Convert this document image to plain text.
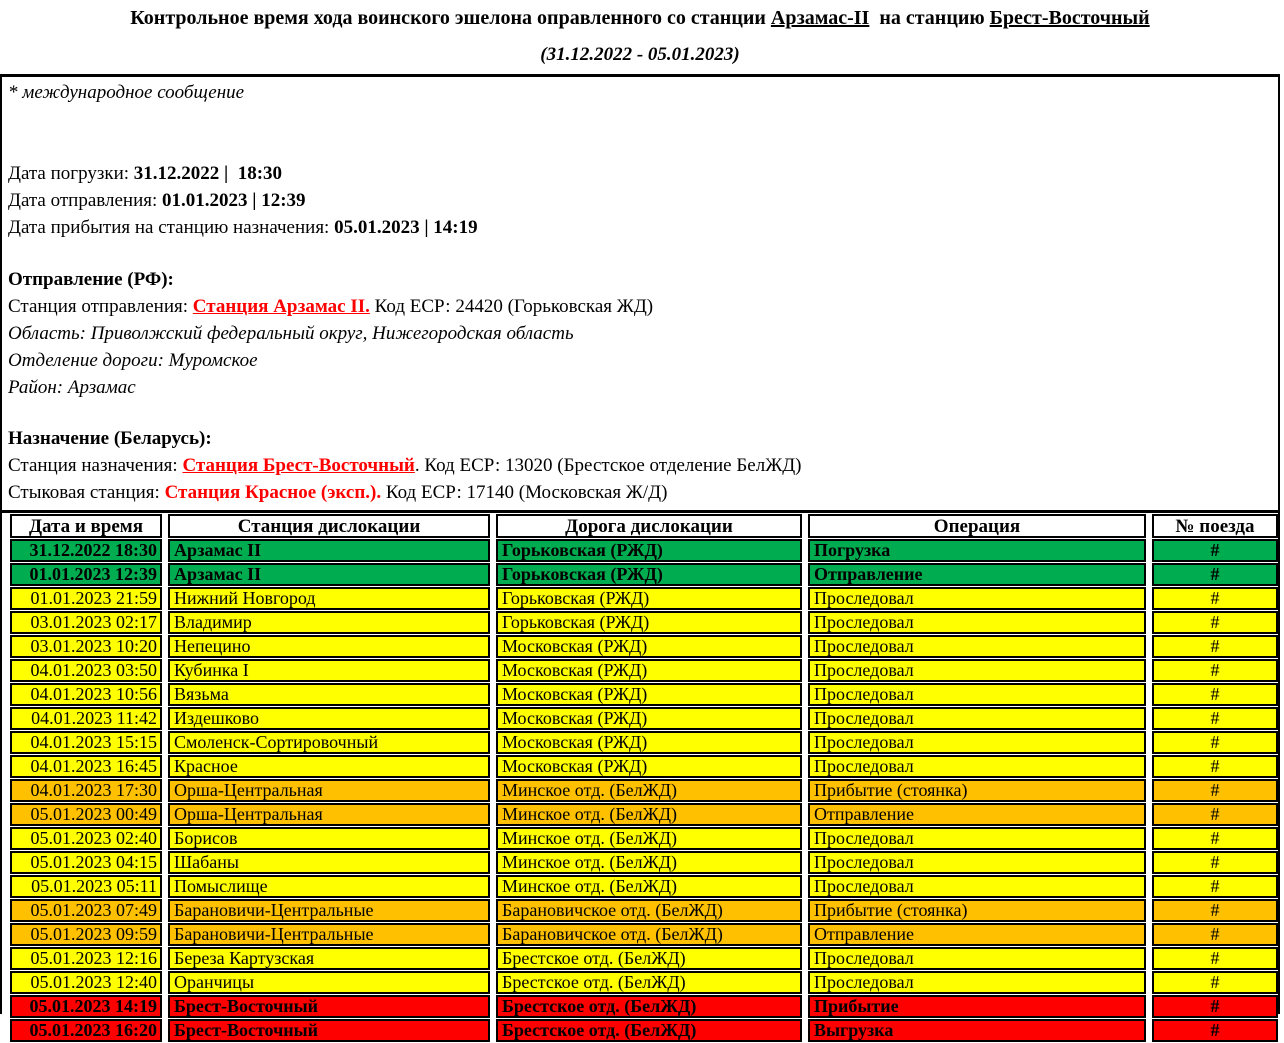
Контрольное время хода воинского эшелона оправленного со станции Арзамас-II  на станцию Брест-Восточный
(31.12.2022 - 05.01.2023)
* международное сообщение
Дата погрузки: 31.12.2022 |  18:30
Дата отправления: 01.01.2023 | 12:39
Дата прибытия на станцию назначения: 05.01.2023 | 14:19
Отправление (РФ):
Станция отправления: Станция Арзамас II. Код ЕСР: 24420 (Горьковская ЖД)
Область: Приволжский федеральный округ, Нижегородская область
Отделение дороги: Муромское
Район: Арзамас
Назначение (Беларусь):
Станция назначения: Станция Брест-Восточный. Код ЕСР: 13020 (Брестское отделение БелЖД)
Стыковая станция: Станция Красное (эксп.). Код ЕСР: 17140 (Московская Ж/Д)
Дата и время	Станция дислокации	Дорога дислокации	Операция	№ поезда
31.12.2022 18:30	Арзамас II	Горьковская (РЖД)	Погрузка	#
01.01.2023 12:39	Арзамас II	Горьковская (РЖД)	Отправление	#
01.01.2023 21:59	Нижний Новгород	Горьковская (РЖД)	Проследовал	#
03.01.2023 02:17	Владимир	Горьковская (РЖД)	Проследовал	#
03.01.2023 10:20	Непецино	Московская (РЖД)	Проследовал	#
04.01.2023 03:50	Кубинка I	Московская (РЖД)	Проследовал	#
04.01.2023 10:56	Вязьма	Московская (РЖД)	Проследовал	#
04.01.2023 11:42	Издешково	Московская (РЖД)	Проследовал	#
04.01.2023 15:15	Смоленск-Сортировочный	Московская (РЖД)	Проследовал	#
04.01.2023 16:45	Красное	Московская (РЖД)	Проследовал	#
04.01.2023 17:30	Орша-Центральная	Минское отд. (БелЖД)	Прибытие (стоянка)	#
05.01.2023 00:49	Орша-Центральная	Минское отд. (БелЖД)	Отправление	#
05.01.2023 02:40	Борисов	Минское отд. (БелЖД)	Проследовал	#
05.01.2023 04:15	Шабаны	Минское отд. (БелЖД)	Проследовал	#
05.01.2023 05:11	Помыслище	Минское отд. (БелЖД)	Проследовал	#
05.01.2023 07:49	Барановичи-Центральные	Барановичское отд. (БелЖД)	Прибытие (стоянка)	#
05.01.2023 09:59	Барановичи-Центральные	Барановичское отд. (БелЖД)	Отправление	#
05.01.2023 12:16	Береза Картузская	Брестское отд. (БелЖД)	Проследовал	#
05.01.2023 12:40	Оранчицы	Брестское отд. (БелЖД)	Проследовал	#
05.01.2023 14:19	Брест-Восточный	Брестское отд. (БелЖД)	Прибытие	#
05.01.2023 16:20	Брест-Восточный	Брестское отд. (БелЖД)	Выгрузка	#
